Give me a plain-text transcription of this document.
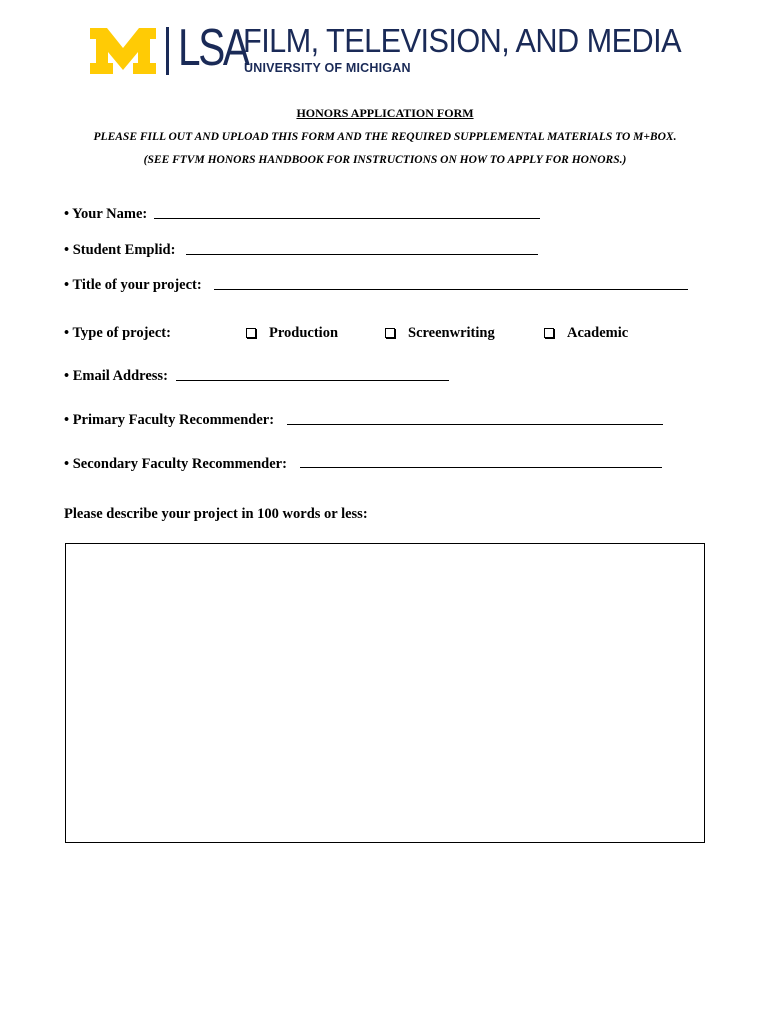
LSA
FILM, TELEVISION, AND MEDIA
UNIVERSITY OF MICHIGAN
HONORS APPLICATION FORM
PLEASE FILL OUT AND UPLOAD THIS FORM AND THE REQUIRED SUPPLEMENTAL MATERIALS TO M+BOX.
(SEE FTVM HONORS HANDBOOK FOR INSTRUCTIONS ON HOW TO APPLY FOR HONORS.)
• Your Name:
• Student Emplid:
• Title of your project:
• Type of project:	Production	Screenwriting	Academic
• Email Address:
• Primary Faculty Recommender:
• Secondary Faculty Recommender:
Please describe your project in 100 words or less:
